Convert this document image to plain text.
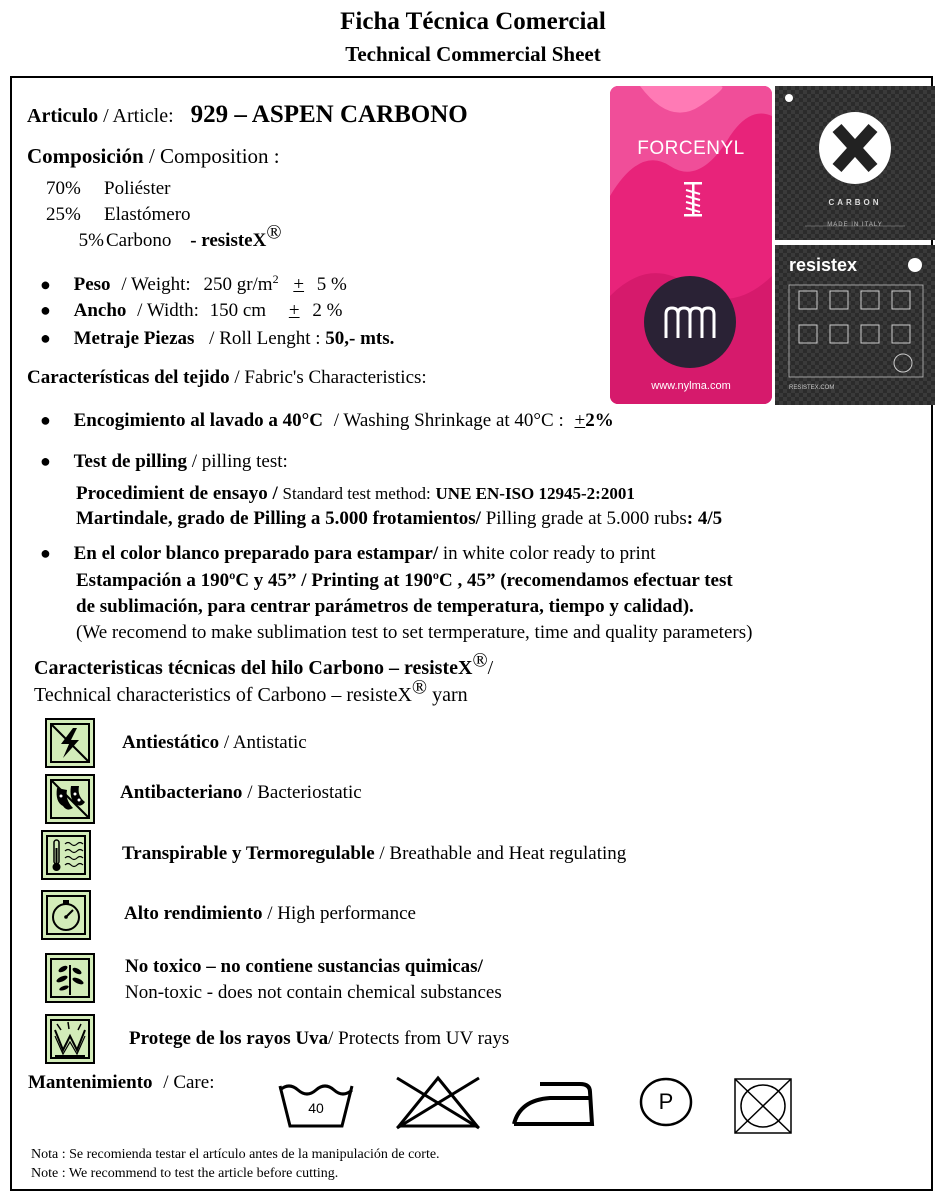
Ficha Técnica Comercial
Technical Commercial Sheet
Articulo / Article: 929 – ASPEN CARBONO
Composición / Composition :
70% Poliéster
25% Elastómero
5% Carbono - resisteX®
● Peso / Weight: 250 $gr/m^2 + 5$ %
● Ancho / Width: 150 cm + 2 %
● Metraje Piezas / Roll Lenght : 50,- mts.
Características del tejido / Fabric's Characteristics:
● Encogimiento al lavado a 40°C / Washing Shrinkage at 40°C : +2%
● Test de pilling / pilling test:
Procedimient de ensayo / Standard test method: UNE EN-ISO 12945-2:2001
Martindale, grado de Pilling a 5.000 frotamientos/ Pilling grade at 5.000 rubs: 4/5
● En el color blanco preparado para estampar/ in white color ready to print
Estampación a 190ºC y 45” / Printing at 190ºC , 45” (recomendamos efectuar test
de sublimación, para centrar parámetros de temperatura, tiempo y calidad).
(We recomend to make sublimation test to set termperature, time and quality parameters)
Caracteristicas técnicas del hilo Carbono – resisteX®/
Technical characteristics of Carbono – resisteX® yarn
Antiestático / Antistatic
Antibacteriano / Bacteriostatic
Transpirable y Termoregulable / Breathable and Heat regulating
Alto rendimiento / High performance
No toxico – no contiene sustancias quimicas/
Non-toxic - does not contain chemical substances
Protege de los rayos Uva/ Protects from UV rays
Mantenimiento / Care:
40	P
Nota : Se recomienda testar el artículo antes de la manipulación de corte.
Note : We recommend to test the article before cutting.
FORCENYL
www.nylma.com
CARBON
MADE IN ITALY
resistex
RESISTEX.COM
